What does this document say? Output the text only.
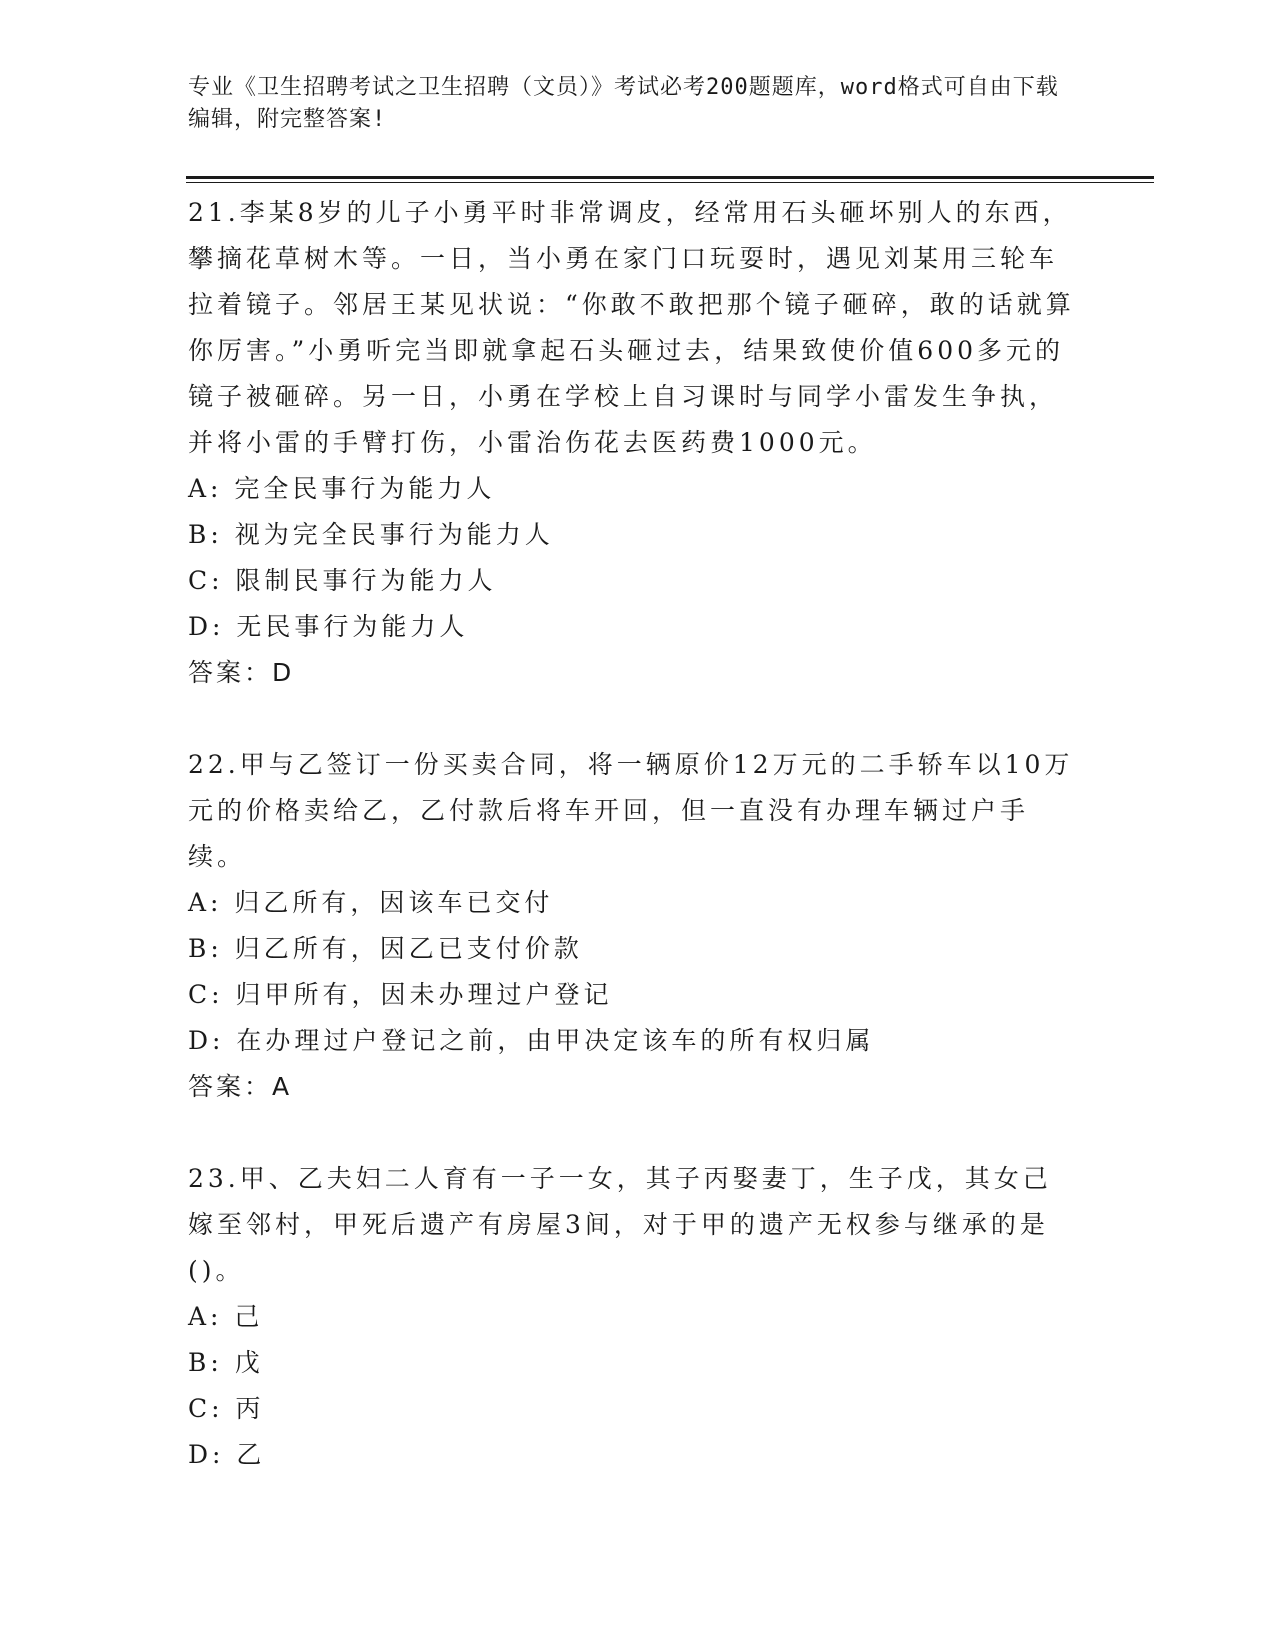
专业《卫生招聘考试之卫生招聘（文员）》考试必考200题题库，word格式可自由下载编辑，附完整答案!

21.李某8岁的儿子小勇平时非常调皮，经常用石头砸坏别人的东西，攀摘花草树木等。一日，当小勇在家门口玩耍时，遇见刘某用三轮车拉着镜子。邻居王某见状说：“你敢不敢把那个镜子砸碎，敢的话就算你厉害。”小勇听完当即就拿起石头砸过去，结果致使价值600多元的镜子被砸碎。另一日，小勇在学校上自习课时与同学小雷发生争执，并将小雷的手臂打伤，小雷治伤花去医药费1000元。

A: 完全民事行为能力人

B: 视为完全民事行为能力人

C: 限制民事行为能力人

D: 无民事行为能力人

答案：D

22.甲与乙签订一份买卖合同，将一辆原价12万元的二手轿车以10万元的价格卖给乙，乙付款后将车开回，但一直没有办理车辆过户手续。

A: 归乙所有，因该车已交付

B: 归乙所有，因乙已支付价款

C: 归甲所有，因未办理过户登记

D: 在办理过户登记之前，由甲决定该车的所有权归属

答案：A

23.甲、乙夫妇二人育有一子一女，其子丙娶妻丁，生子戊，其女己嫁至邻村，甲死后遗产有房屋3间，对于甲的遗产无权参与继承的是()。

A: 己

B: 戊

C: 丙

D: 乙
